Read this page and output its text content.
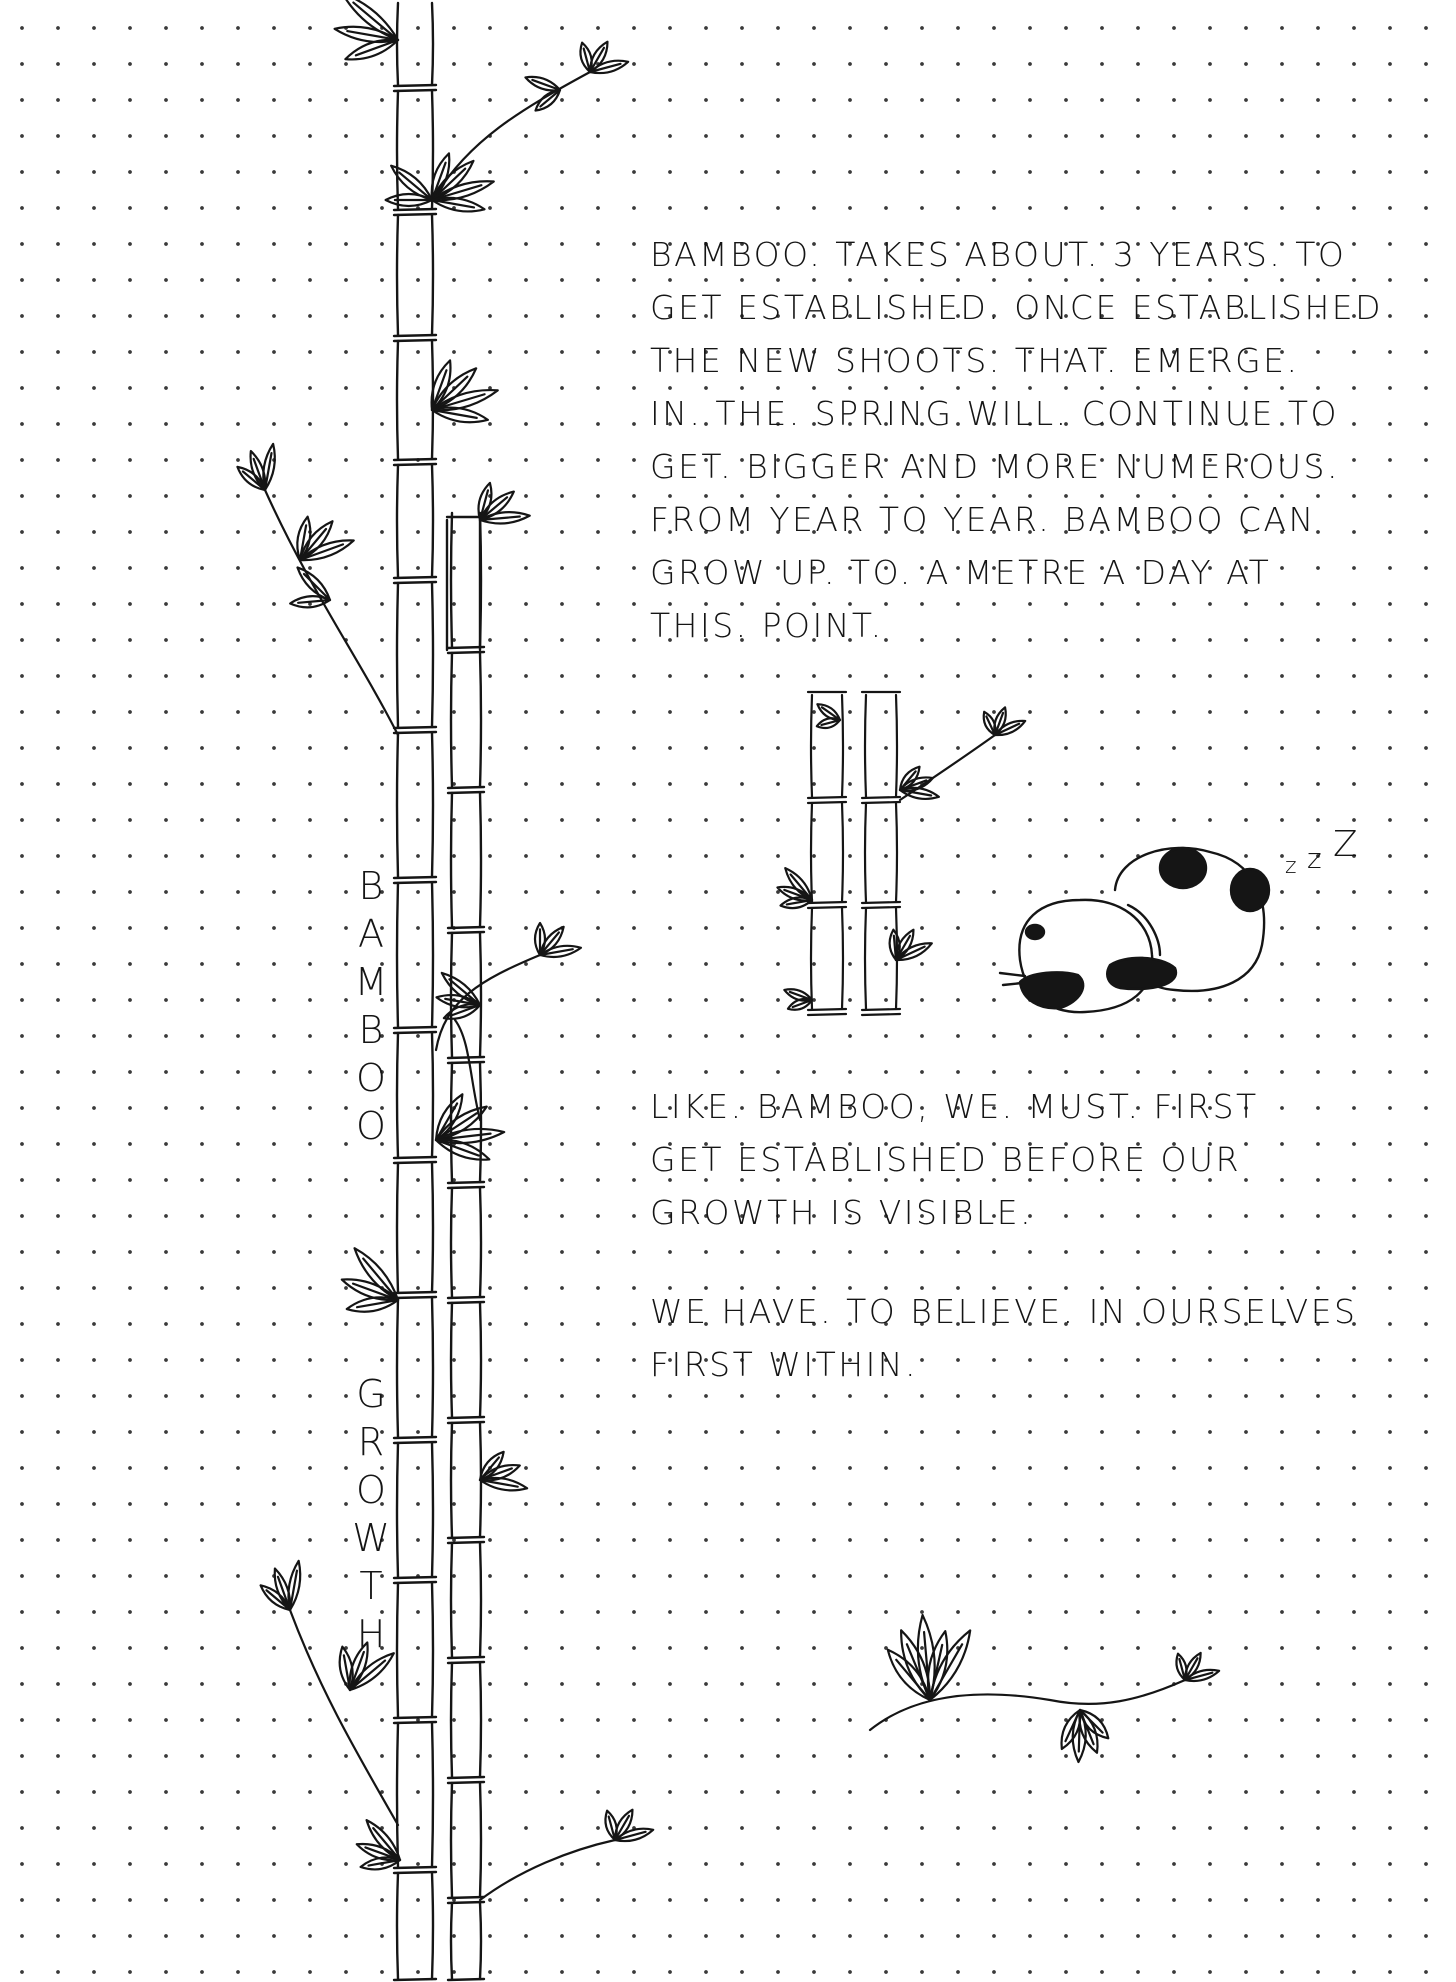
B
A
M
B
O
O
G
R
O
W
T
H
BAMBOO. TAKES ABOUT. 3 YEARS. TO
GET ESTABLISHED. ONCE ESTABLISHED
THE NEW SHOOTS. THAT. EMERGE.
IN. THE. SPRING WILL. CONTINUE TO
GET. BIGGER AND MORE NUMEROUS.
FROM YEAR TO YEAR. BAMBOO CAN
GROW UP. TO. A METRE A DAY AT
THIS. POINT.
LIKE. BAMBOO, WE. MUST. FIRST
GET ESTABLISHED BEFORE OUR
GROWTH IS VISIBLE.
WE HAVE. TO BELIEVE. IN OURSELVES
FIRST WITHIN.
z z Z
